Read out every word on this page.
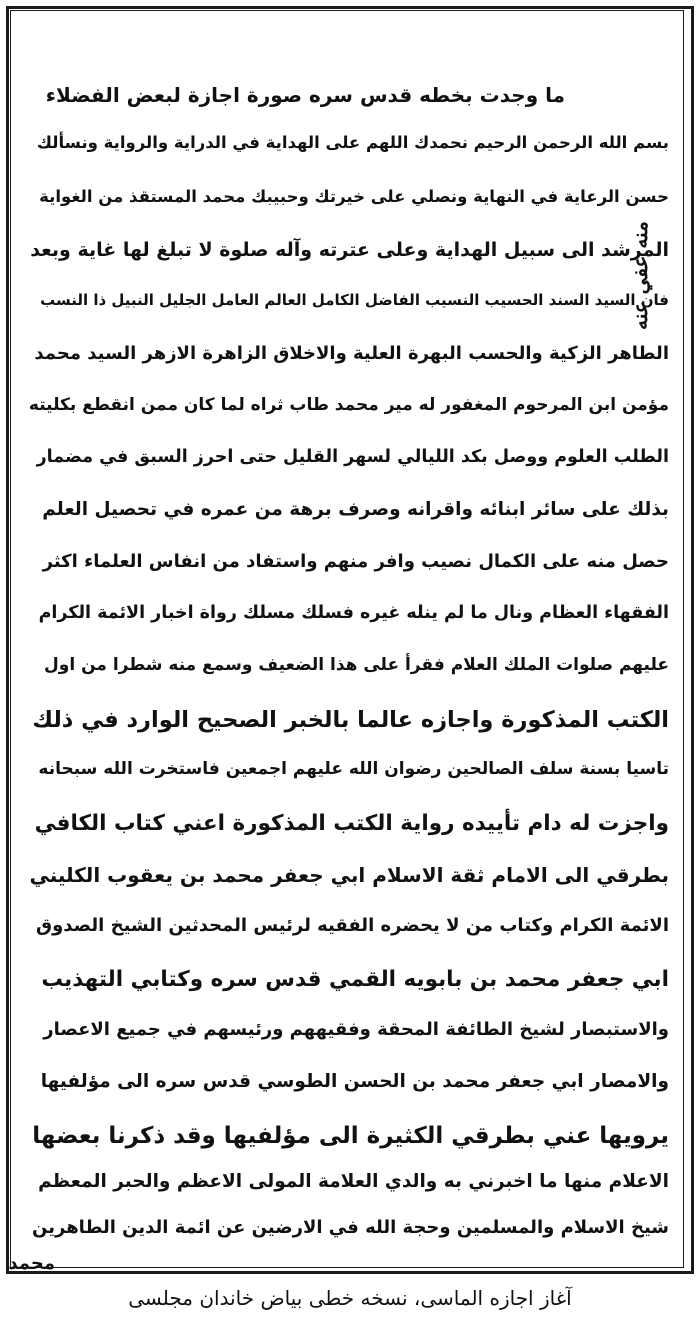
ما وجدت بخطه قدس سره صورة اجازة لبعض الفضلاء
بسم الله الرحمن الرحيم نحمدك اللهم على الهداية في الدراية والرواية ونسألك
حسن الرعاية في النهاية ونصلي على خيرتك وحبيبك محمد المستقذ من الغواية
المرشد الى سبيل الهداية وعلى عترته وآله صلوة لا تبلغ لها غاية وبعد
فان السيد السند الحسيب النسيب الفاضل الكامل العالم العامل الجليل النبيل ذا النسب
الطاهر الزكية والحسب البهرة العلية والاخلاق الزاهرة الازهر السيد محمد
مؤمن ابن المرحوم المغفور له مير محمد طاب ثراه لما كان ممن انقطع بكليته
الطلب العلوم ووصل بكد الليالي لسهر القليل حتى احرز السبق في مضمار
بذلك على سائر ابنائه واقرانه وصرف برهة من عمره في تحصيل العلم
حصل منه على الكمال نصيب وافر منهم واستفاد من انفاس العلماء اكثر
الفقهاء العظام ونال ما لم ينله غيره فسلك مسلك رواة اخبار الائمة الكرام
عليهم صلوات الملك العلام فقرأ على هذا الضعيف وسمع منه شطرا من اول
الكتب المذكورة واجازه عالما بالخبر الصحيح الوارد في ذلك
تاسيا بسنة سلف الصالحين رضوان الله عليهم اجمعين فاستخرت الله سبحانه
واجزت له دام تأييده رواية الكتب المذكورة اعني كتاب الكافي
بطرقي الى الامام ثقة الاسلام ابي جعفر محمد بن يعقوب الكليني
الائمة الكرام وكتاب من لا يحضره الفقيه لرئيس المحدثين الشيخ الصدوق
ابي جعفر محمد بن بابويه القمي قدس سره وكتابي التهذيب
والاستبصار لشيخ الطائفة المحقة وفقيههم ورئيسهم في جميع الاعصار
والامصار ابي جعفر محمد بن الحسن الطوسي قدس سره الى مؤلفيها
يرويها عني بطرقي الكثيرة الى مؤلفيها وقد ذكرنا بعضها
الاعلام منها ما اخبرني به والدي العلامة المولى الاعظم والحبر المعظم
شيخ الاسلام والمسلمين وحجة الله في الارضين عن ائمة الدين الطاهرين
محمد
منه عفي عنه
آغاز اجازه الماسی، نسخه خطی بیاض خاندان مجلسی
